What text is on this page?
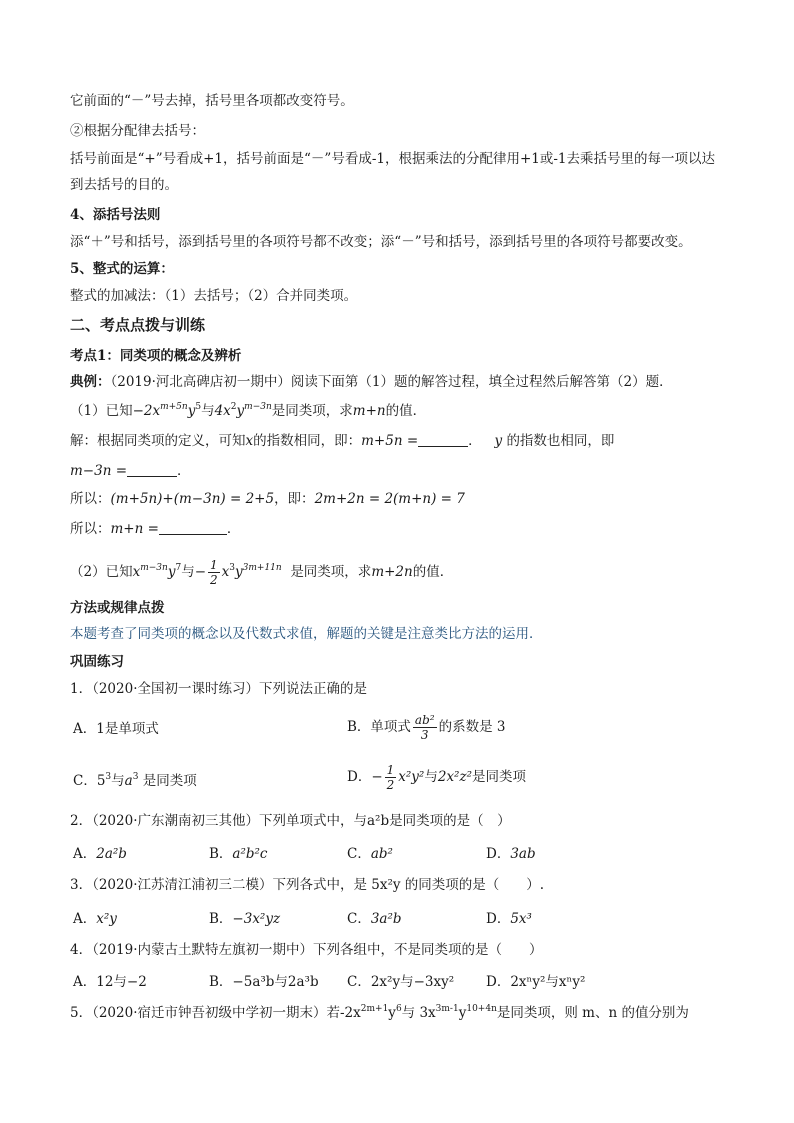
它前面的“－”号去掉，括号里各项都改变符号。
②根据分配律去括号：
括号前面是“+”号看成+1，括号前面是“－”号看成-1，根据乘法的分配律用+1或-1去乘括号里的每一项以达
到去括号的目的。
4、添括号法则
添“＋”号和括号，添到括号里的各项符号都不改变；添“－”号和括号，添到括号里的各项符号都要改变。
5、整式的运算：
整式的加减法：（1）去括号；（2）合并同类项。
二、考点点拨与训练
考点1：同类项的概念及辨析
典例：（2019·河北高碑店初一期中）阅读下面第（1）题的解答过程，填全过程然后解答第（2）题．
（1）已知$-2x^{m+5n}y^5$与$4x^2y^{m-3n}$是同类项，求m+n的值．
解：根据同类项的定义，可知x的指数相同，即：m+5n =	． y 的指数也相同，即
m−3n =	．
所以：(m+5n)+(m−3n) = 2+5，即：2m+2n = 2(m+n) = 7
所以：m+n =	．
（2）已知$x^{m-3n}y^7$与− $\frac{1}{2} x^3y^{3m+11n}$ 是同类项，求m+2n的值．
方法或规律点拨
本题考查了同类项的概念以及代数式求值，解题的关键是注意类比方法的运用．
巩固练习
1．（2020·全国初一课时练习）下列说法正确的是
A．1是单项式	B．单项式 $\frac{\text{ab²}}{3}$ 的系数是 3
C．$5^3$与$a^3$ 是同类项	D．− $\frac{1}{2} x^2y^2$与2x²z²是同类项
2．（2020·广东潮南初三其他）下列单项式中，与a²b是同类项的是（　）
A．2a²b	B．a²b²c	C．ab²	D．3ab
3．（2020·江苏清江浦初三二模）下列各式中，是 5x²y 的同类项的是（　　）.
A．x²y	B．−3x²yz	C．3a²b	D．5x³
4．（2019·内蒙古土默特左旗初一期中）下列各组中，不是同类项的是（　　）
A．12与−2	B．−5a³b与2a³b C．2x²y与−3xy² D．2xⁿy²与xⁿy²
5．（2020·宿迁市钟吾初级中学初一期末）若$-2x^{2m+1}y^6$与 $3x^{3m-1}y^{10+4n}$是同类项，则 m、n 的值分别为
